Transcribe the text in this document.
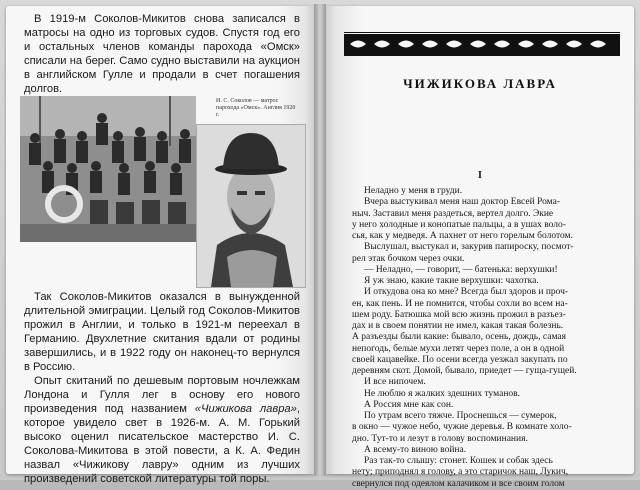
В 1919-м Соколов-Микитов снова записался в матросы на одно из торговых судов. Спустя год его и остальных членов команды парохода «Омск» списали на берег. Само судно выставили на аукцион в английском Гулле и продали в счет погашения долгов.

И. С. Соколов — матрос парохода «Омск». Англия 1920 г.

Так Соколов-Микитов оказался в вынужденной длительной эмиграции. Целый год Соколов-Микитов прожил в Англии, и только в 1921-м переехал в Германию. Двухлетние скитания вдали от родины завершились, и в 1922 году он наконец-то вернулся в Россию.

Опыт скитаний по дешевым портовым ночлежкам Лондона и Гулля лег в основу его нового произведения под названием «Чижикова лавра», которое увидело свет в 1926-м. А. М. Горький высоко оценил писательское мастерство И. С. Соколова-Микитова в этой повести, а К. А. Федин назвал «Чижикову лавру» одним из лучших произведений советской литературы той поры.

ЧИЖИКОВА ЛАВРА
I
Неладно у меня в груди.
Вчера выстукивал меня наш доктор Евсей Рома-
ныч. Заставил меня раздеться, вертел долго. Экие
у него холодные и конопатые пальцы, а в ушах воло-
сья, как у медведя. А пахнет от него горелым болотом.
Выслушал, выстукал и, закурив папироску, посмот-
рел этак бочком через очки.
— Неладно, — говорит, — батенька: верхушки!
Я уж знаю, какие такие верхушки: чахотка.
И откудова она ко мне? Всегда был здоров и проч-
ен, как пень. И не помнится, чтобы сохли во всем на-
шем роду. Батюшка мой всю жизнь прожил в разъез-
дах и в своем понятии не имел, какая такая болезнь.
А разъезды были какие: бывало, осень, дождь, самая
непогодь, белые мухи летят через поле, а он в одной
своей кацавейке. По осени всегда уезжал закупать по
деревням скот. Домой, бывало, приедет — гуща-гущей.
И все нипочем.
Не люблю я жалких здешних туманов.
А Россия мне как сон.
По утрам всего тяжче. Проснешься — сумерок,
в окно — чужое небо, чужие деревья. В комнате холо-
дно. Тут-то и лезут в голову воспоминания.
А всему-то виною война.
Раз так-то слышу: стонет. Кошек и собак здесь
нету; приподнял я голову, а это старичок наш, Лукич,
свернулся под одеялом калачиком и все своим голом
